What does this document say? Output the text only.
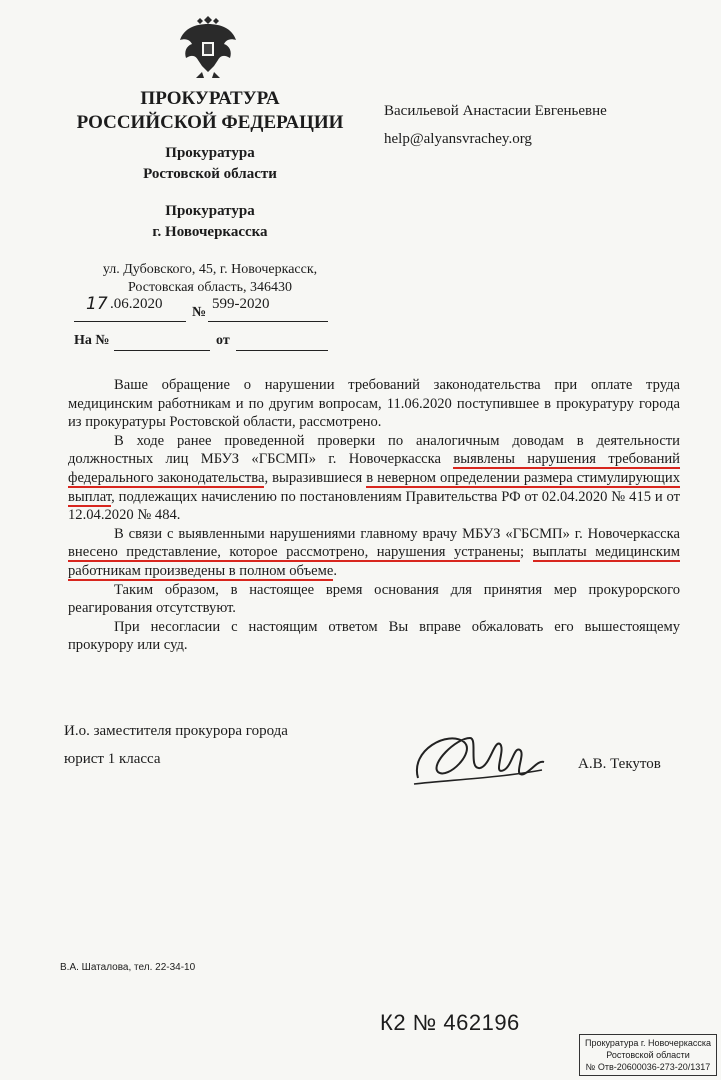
ПРОКУРАТУРА
РОССИЙСКОЙ ФЕДЕРАЦИИ
Прокуратура
Ростовской области
Прокуратура
г. Новочеркасска
ул. Дубовского, 45, г. Новочеркасск,
Ростовская область, 346430
17 .06.2020
№
599-2020
На №	от
Васильевой Анастасии Евгеньевне
help@alyansvrachey.org

Ваше обращение о нарушении требований законодательства при оплате труда медицинским работникам и по другим вопросам, 11.06.2020 поступившее в прокуратуру города из прокуратуры Ростовской области, рассмотрено.

В ходе ранее проведенной проверки по аналогичным доводам в деятельности должностных лиц МБУЗ «ГБСМП» г. Новочеркасска выявлены нарушения требований федерального законодательства, выразившиеся в неверном определении размера стимулирующих выплат, подлежащих начислению по постановлениям Правительства РФ от 02.04.2020 № 415 и от 12.04.2020 № 484.

В связи с выявленными нарушениями главному врачу МБУЗ «ГБСМП» г. Новочеркасска внесено представление, которое рассмотрено, нарушения устранены; выплаты медицинским работникам произведены в полном объеме.

Таким образом, в настоящее время основания для принятия мер прокурорского реагирования отсутствуют.

При несогласии с настоящим ответом Вы вправе обжаловать его вышестоящему прокурору или суд.

И.о. заместителя прокурора города
юрист 1 класса	А.В. Текутов
В.А. Шаталова, тел. 22-34-10
К2 № 462196
Прокуратура г. Новочеркасска
Ростовской области
№ Отв-20600036-273-20/1317
